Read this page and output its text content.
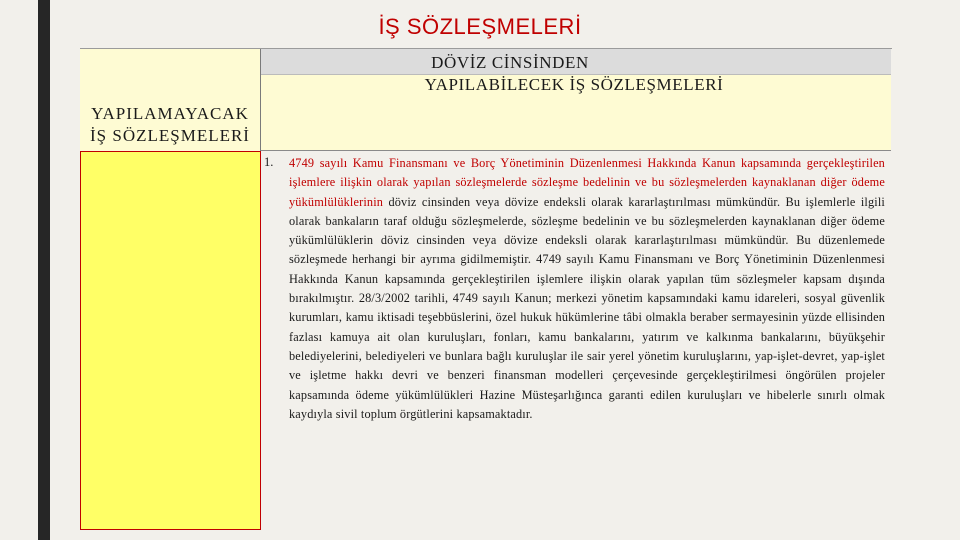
İŞ SÖZLEŞMELERİ
YAPILAMAYACAK İŞ SÖZLEŞMELERİ
DÖVİZ CİNSİNDEN
YAPILABİLECEK İŞ SÖZLEŞMELERİ
1. 4749 sayılı Kamu Finansmanı ve Borç Yönetiminin Düzenlenmesi Hakkında Kanun kapsamında gerçekleştirilen işlemlere ilişkin olarak yapılan sözleşmelerde sözleşme bedelinin ve bu sözleşmelerden kaynaklanan diğer ödeme yükümlülüklerinin döviz cinsinden veya dövize endeksli olarak kararlaştırılması mümkündür. Bu işlemlerle ilgili olarak bankaların taraf olduğu sözleşmelerde, sözleşme bedelinin ve bu sözleşmelerden kaynaklanan diğer ödeme yükümlülüklerin döviz cinsinden veya dövize endeksli olarak kararlaştırılması mümkündür. Bu düzenlemede sözleşmede herhangi bir ayrıma gidilmemiştir. 4749 sayılı Kamu Finansmanı ve Borç Yönetiminin Düzenlenmesi Hakkında Kanun kapsamında gerçekleştirilen işlemlere ilişkin olarak yapılan tüm sözleşmeler kapsam dışında bırakılmıştır. 28/3/2002 tarihli, 4749 sayılı Kanun; merkezi yönetim kapsamındaki kamu idareleri, sosyal güvenlik kurumları, kamu iktisadi teşebbüslerini, özel hukuk hükümlerine tâbi olmakla beraber sermayesinin yüzde ellisinden fazlası kamuya ait olan kuruluşları, fonları, kamu bankalarını, yatırım ve kalkınma bankalarını, büyükşehir belediyelerini, belediyeleri ve bunlara bağlı kuruluşlar ile sair yerel yönetim kuruluşlarını, yap-işlet-devret, yap-işlet ve işletme hakkı devri ve benzeri finansman modelleri çerçevesinde gerçekleştirilmesi öngörülen projeler kapsamında ödeme yükümlülükleri Hazine Müsteşarlığınca garanti edilen kuruluşları ve hibelerle sınırlı olmak kaydıyla sivil toplum örgütlerini kapsamaktadır.
